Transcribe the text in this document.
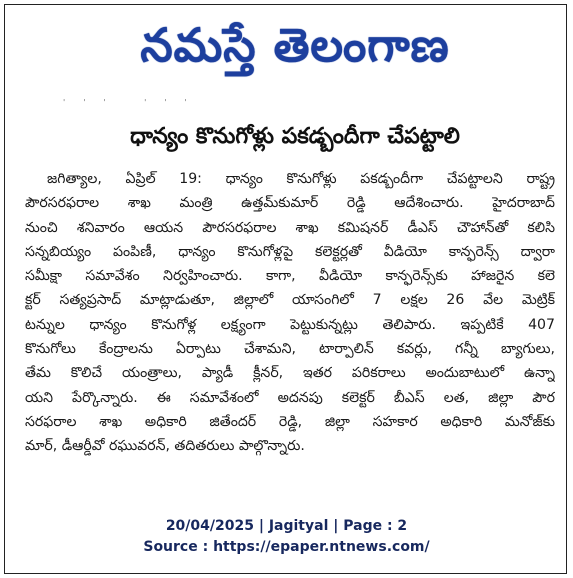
నమస్తే తెలంగాణ
''' '''
ధాన్యం కొనుగోళ్లు పకడ్బందీగా చేపట్టాలి
జగిత్యాల, ఏప్రిల్ 19: ధాన్యం కొనుగోళ్లు పకడ్బందీగా చేపట్టాలని రాష్ట్ర
పౌరసరఫరాల శాఖ మంత్రి ఉత్తమ్‌కుమార్ రెడ్డి ఆదేశించారు. హైదరాబాద్
నుంచి శనివారం ఆయన పౌరసరఫరాల శాఖ కమిషనర్ డీఎస్ చౌహాన్‌తో కలిసి
సన్నబియ్యం పంపిణీ, ధాన్యం కొనుగోళ్లపై కలెక్టర్లతో వీడియో కాన్ఫరెన్స్ ద్వారా
సమీక్షా సమావేశం నిర్వహించారు. కాగా, వీడియో కాన్ఫరెన్స్‌కు హాజరైన కలె
క్టర్ సత్యప్రసాద్ మాట్లాడుతూ, జిల్లాలో యాసంగిలో 7 లక్షల 26 వేల మెట్రిక్
టన్నుల ధాన్యం కొనుగోళ్ల లక్ష్యంగా పెట్టుకున్నట్లు తెలిపారు. ఇప్పటికే 407
కొనుగోలు కేంద్రాలను ఏర్పాటు చేశామని, టార్పాలిన్ కవర్లు, గన్నీ బ్యాగులు,
తేమ కొలిచే యంత్రాలు, ప్యాడీ క్లీనర్, ఇతర పరికరాలు అందుబాటులో ఉన్నా
యని పేర్కొన్నారు. ఈ సమావేశంలో అదనపు కలెక్టర్ బీఎస్ లత, జిల్లా పౌర
సరఫరాల శాఖ అధికారి జితేందర్ రెడ్డి, జిల్లా సహకార అధికారి మనోజ్‌కు
మార్, డీఆర్డీవో రఘువరన్, తదితరులు పాల్గొన్నారు.
20/04/2025 | Jagityal | Page : 2
Source : https://epaper.ntnews.com/
